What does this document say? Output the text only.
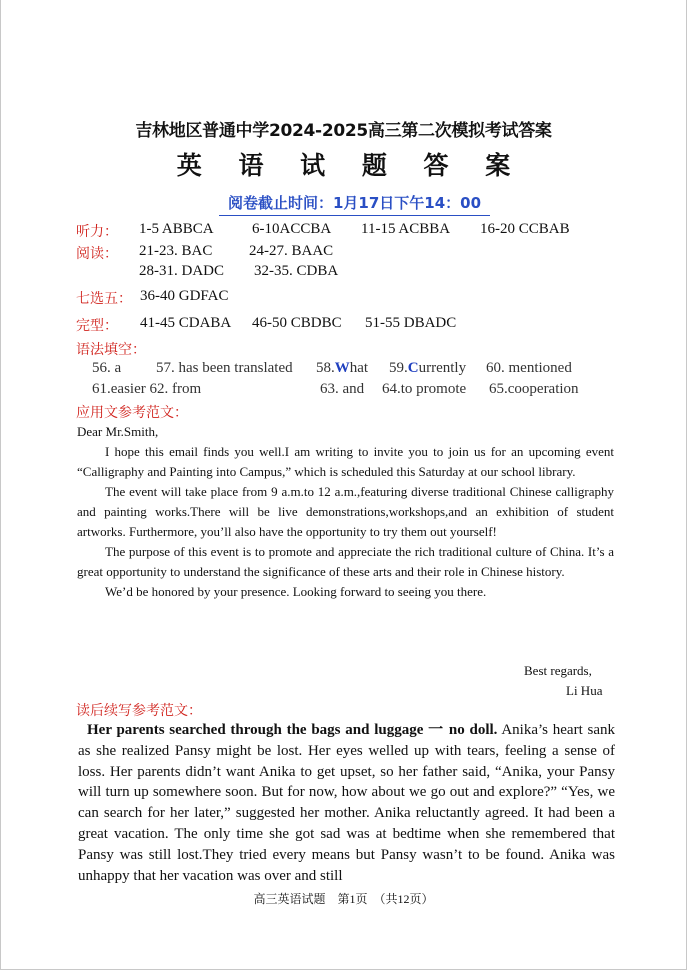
吉林地区普通中学2024-2025高三第二次模拟考试答案
英 语 试 题 答 案
阅卷截止时间：1月17日下午14：00
听力： 1-5 ABBCA	6-10ACCBA 11-15 ACBBA 16-20 CCBAB
阅读： 21-23. BAC 24-27. BAAC
28-31. DADC 32-35. CDBA
七选五： 36-40 GDFAC
完型： 41-45 CDABA 46-50 CBDBC 51-55 DBADC
语法填空：
56. a 57. has been translated 58.What 59.Currently 60. mentioned
61.easier 62. from	63. and 64.to promote 65.cooperation
应用文参考范文：

Dear Mr.Smith,

I hope this email finds you well.I am writing to invite you to join us for an upcoming event “Calligraphy and Painting into Campus,” which is scheduled this Saturday at our school library.

The event will take place from 9 a.m.to 12 a.m.,featuring diverse traditional Chinese calligraphy and painting works.There will be live demonstrations,workshops,and an exhibition of student artworks. Furthermore, you’ll also have the opportunity to try them out yourself!

The purpose of this event is to promote and appreciate the rich traditional culture of China. It’s a great opportunity to understand the significance of these arts and their role in Chinese history.

We’d be honored by your presence. Looking forward to seeing you there.

Best regards,
Li Hua
读后续写参考范文：
Her parents searched through the bags and luggage 一 no doll. Anika’s heart sank as she realized Pansy might be lost. Her eyes welled up with tears, feeling a sense of loss. Her parents didn’t want Anika to get upset, so her father said, “Anika, your Pansy will turn up somewhere soon. But for now, how about we go out and explore?” “Yes, we can search for her later,” suggested her mother. Anika reluctantly agreed. It had been a great vacation. The only time she got sad was at bedtime when she remembered that Pansy was still lost.They tried every means but Pansy wasn’t to be found. Anika was unhappy that her vacation was over and still
高三英语试题　第1页　（共12页）
